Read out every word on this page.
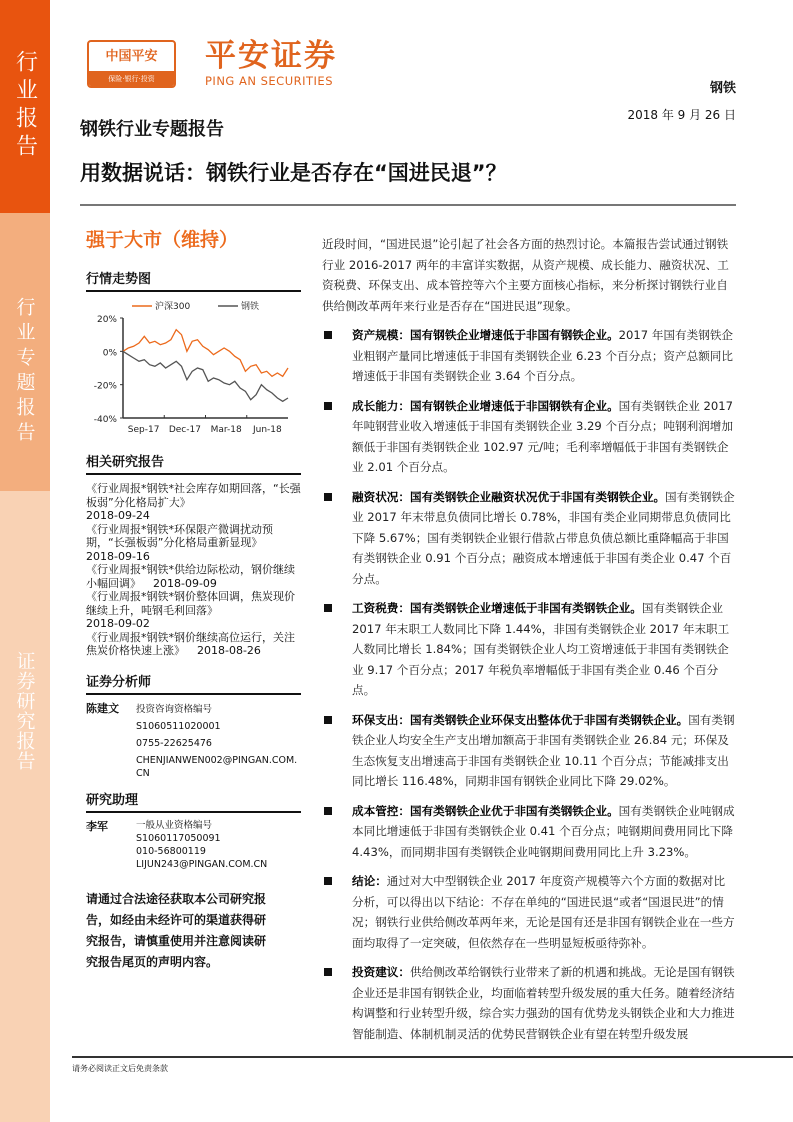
行业报告
行业专题报告
证券研究报告
中国平安
保险·银行·投资
平安证券
PING AN SECURITIES	钢铁
2018 年 9 月 26 日
钢铁行业专题报告
用数据说话：钢铁行业是否存在“国进民退”？
强于大市（维持）
行情走势图
20%
0%
-20%
-40%
Sep-17 Dec-17 Mar-18 Jun-18
沪深300	钢铁
相关研究报告

《行业周报*钢铁*社会库存如期回落，“长强板弱”分化格局扩大》
2018-09-24

《行业周报*钢铁*环保限产微调扰动预期，“长强板弱”分化格局重新显现》
2018-09-16

《行业周报*钢铁*供给边际松动，钢价继续小幅回调》 2018-09-09

《行业周报*钢铁*钢价整体回调，焦炭现价继续上升，吨钢毛利回落》
2018-09-02

《行业周报*钢铁*钢价继续高位运行，关注焦炭价格快速上涨》 2018-08-26

证券分析师
陈建文	投资咨询资格编号
S1060511020001
0755-22625476
CHENJIANWEN002@PINGAN.COM.CN
研究助理
李军	一般从业资格编号
S1060117050091
010-56800119
LIJUN243@PINGAN.COM.CN
请通过合法途径获取本公司研究报告，如经由未经许可的渠道获得研究报告，请慎重使用并注意阅读研究报告尾页的声明内容。
近段时间，“国进民退”论引起了社会各方面的热烈讨论。本篇报告尝试通过钢铁行业 2016-2017 两年的丰富详实数据，从资产规模、成长能力、融资状况、工资税费、环保支出、成本管控等六个主要方面核心指标，来分析探讨钢铁行业自供给侧改革两年来行业是否存在“国进民退”现象。
资产规模：国有钢铁企业增速低于非国有钢铁企业。2017 年国有类钢铁企业粗钢产量同比增速低于非国有类钢铁企业 6.23 个百分点；资产总额同比增速低于非国有类钢铁企业 3.64 个百分点。
成长能力：国有钢铁企业增速低于非国钢铁有企业。国有类钢铁企业 2017 年吨钢营业收入增速低于非国有类钢铁企业 3.29 个百分点；吨钢利润增加额低于非国有类钢铁企业 102.97 元/吨；毛利率增幅低于非国有类钢铁企业 2.01 个百分点。
融资状况：国有类钢铁企业融资状况优于非国有类钢铁企业。国有类钢铁企业 2017 年末带息负债同比增长 0.78%，非国有类企业同期带息负债同比下降 5.67%；国有类钢铁企业银行借款占带息负债总额比重降幅高于非国有类钢铁企业 0.91 个百分点；融资成本增速低于非国有类企业 0.47 个百分点。
工资税费：国有类钢铁企业增速低于非国有类钢铁企业。国有类钢铁企业 2017 年末职工人数同比下降 1.44%，非国有类钢铁企业 2017 年末职工人数同比增长 1.84%；国有类钢铁企业人均工资增速低于非国有类钢铁企业 9.17 个百分点；2017 年税负率增幅低于非国有类企业 0.46 个百分点。
环保支出：国有类钢铁企业环保支出整体优于非国有类钢铁企业。国有类钢铁企业人均安全生产支出增加额高于非国有类钢铁企业 26.84 元；环保及生态恢复支出增速高于非国有类钢铁企业 10.11 个百分点；节能减排支出同比增长 116.48%，同期非国有钢铁企业同比下降 29.02%。
成本管控：国有类钢铁企业优于非国有类钢铁企业。国有类钢铁企业吨钢成本同比增速低于非国有类钢铁企业 0.41 个百分点；吨钢期间费用同比下降 4.43%，而同期非国有类钢铁企业吨钢期间费用同比上升 3.23%。
结论：通过对大中型钢铁企业 2017 年度资产规模等六个方面的数据对比分析，可以得出以下结论：不存在单纯的“国进民退“或者“国退民进”的情况；钢铁行业供给侧改革两年来，无论是国有还是非国有钢铁企业在一些方面均取得了一定突破，但依然存在一些明显短板亟待弥补。
投资建议：供给侧改革给钢铁行业带来了新的机遇和挑战。无论是国有钢铁企业还是非国有钢铁企业，均面临着转型升级发展的重大任务。随着经济结构调整和行业转型升级，综合实力强劲的国有优势龙头钢铁企业和大力推进智能制造、体制机制灵活的优势民营钢铁企业有望在转型升级发展
请务必阅读正文后免责条款
